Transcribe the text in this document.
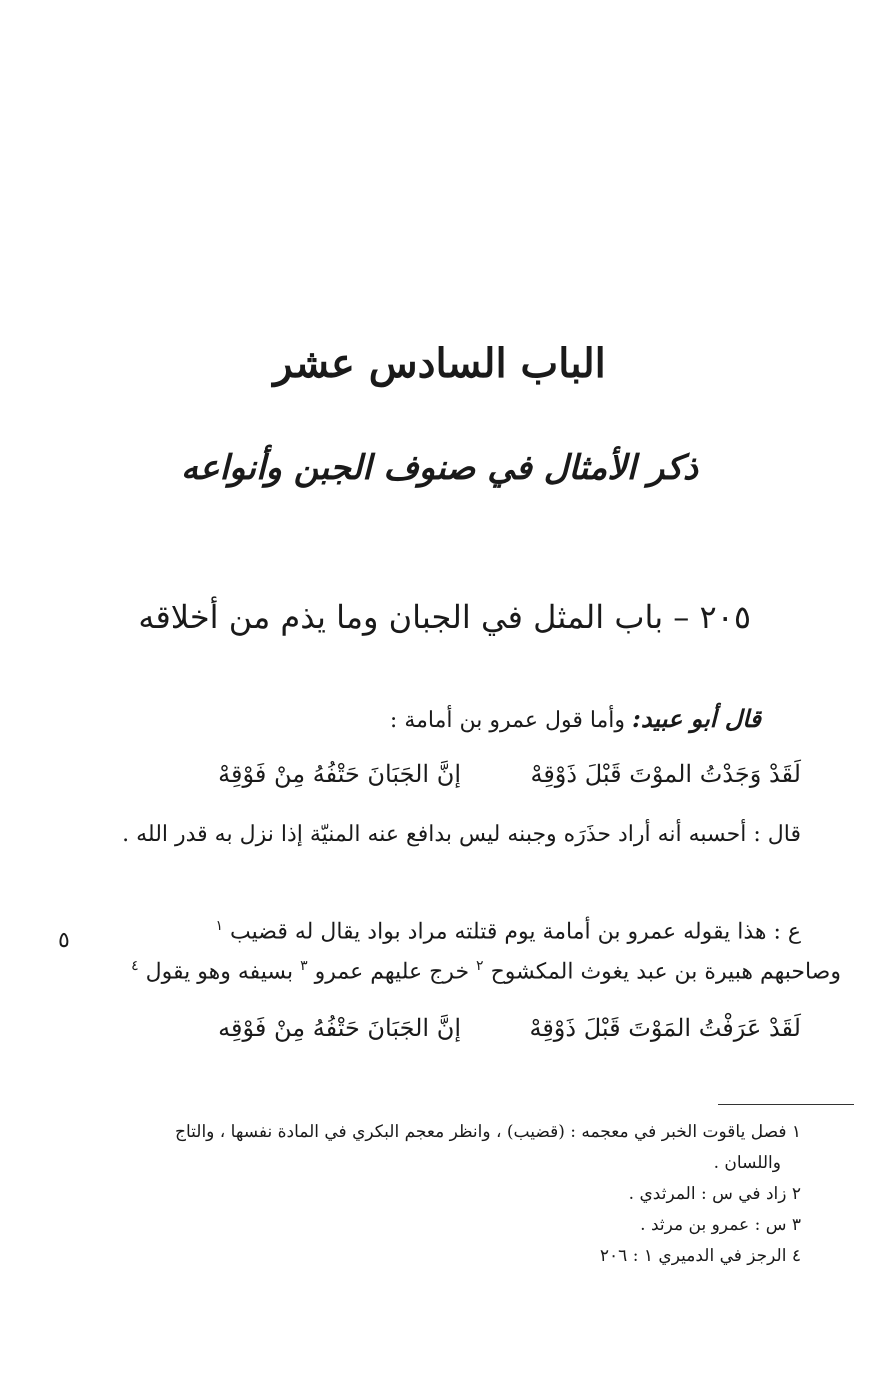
الباب السادس عشر
ذكر الأمثال في صنوف الجبن وأنواعه
٢٠٥ – باب المثل في الجبان وما يذم من أخلاقه
قال أبو عبيد: وأما قول عمرو بن أمامة :
لَقَدْ وَجَدْتُ الموْتَ قَبْلَ ذَوْقِهْ
إنَّ الجَبَانَ حَتْفُهُ مِنْ فَوْقِهْ
قال : أحسبه أنه أراد حذَرَه وجبنه ليس بدافع عنه المنيّة إذا نزل به قدر الله .
٥	ع : هذا يقوله عمرو بن أمامة يوم قتلته مراد بواد يقال له قضيب $^١$
وصاحبهم هبيرة بن عبد يغوث المكشوح $^٢$ خرج عليهم عمرو $^٣$ بسيفه وهو يقول $^٤$
لَقَدْ عَرَفْتُ المَوْتَ قَبْلَ ذَوْقِهْ
إنَّ الجَبَانَ حَتْفُهُ مِنْ فَوْقِه
١ فصل ياقوت الخبر في معجمه : (قضيب) ، وانظر معجم البكري في المادة نفسها ، والتاج
واللسان .
٢ زاد في س : المرثدي .
٣ س : عمرو بن مرثد .
٤ الرجز في الدميري ١ : ٢٠٦
